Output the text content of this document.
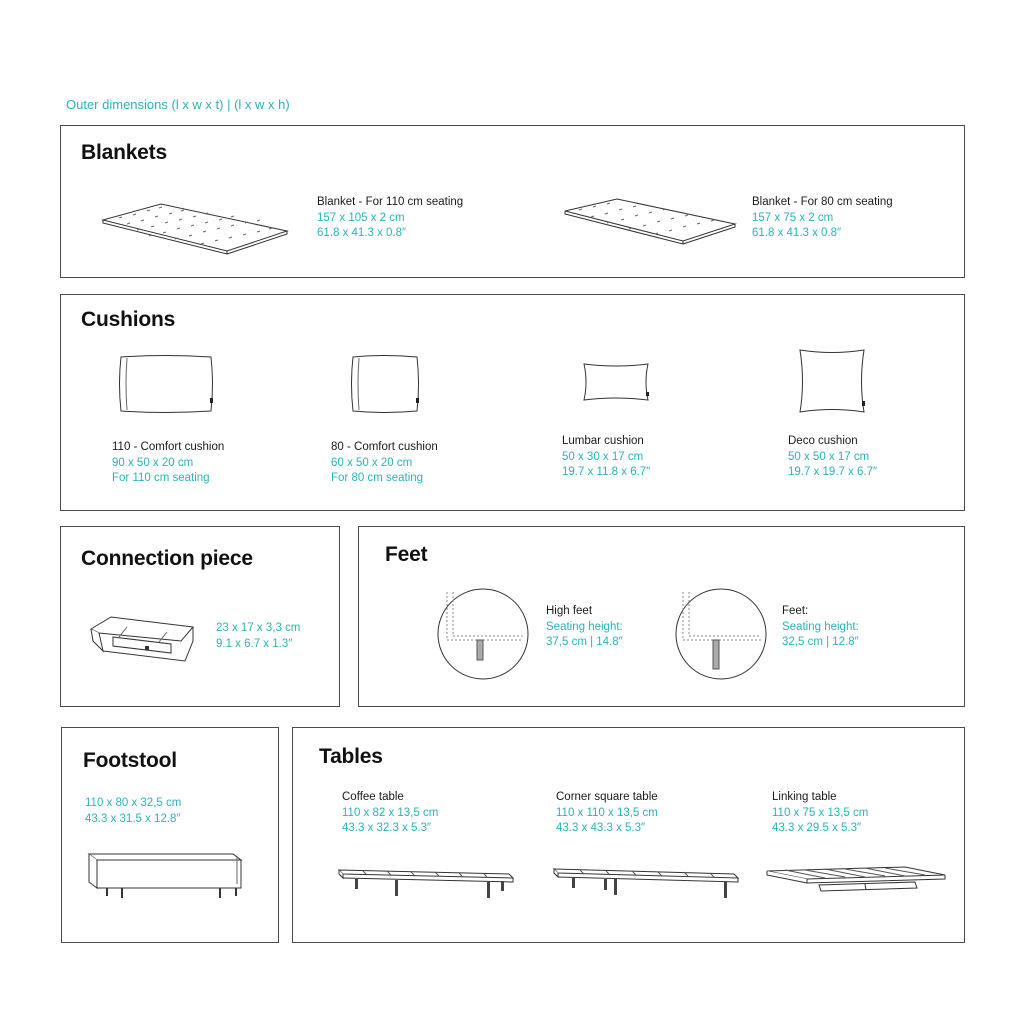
Outer dimensions (l x w x t) | (l x w x h)
Blankets
Blanket - For 110 cm seating
157 x 105 x 2 cm
61.8 x 41.3 x 0.8″
Blanket - For 80 cm seating
157 x 75 x 2 cm
61.8 x 41.3 x 0.8″
Cushions
110 - Comfort cushion
90 x 50 x 20 cm
For 110 cm seating
80 - Comfort cushion
60 x 50 x 20 cm
For 80 cm seating
Lumbar cushion
50 x 30 x 17 cm
19.7 x 11.8 x 6.7″
Deco cushion
50 x 50 x 17 cm
19.7 x 19.7 x 6.7″
Connection piece
23 x 17 x 3,3 cm
9.1 x 6.7 x 1.3″
Feet
High feet
Seating height:
37,5 cm | 14.8″
Feet:
Seating height:
32,5 cm | 12.8″
Footstool
110 x 80 x 32,5 cm
43.3 x 31.5 x 12.8″
Tables
Coffee table
110 x 82 x 13,5 cm
43.3 x 32.3 x 5.3″
Corner square table
110 x 110 x 13,5 cm
43.3 x 43.3 x 5.3″
Linking table
110 x 75 x 13,5 cm
43.3 x 29.5 x 5.3″
